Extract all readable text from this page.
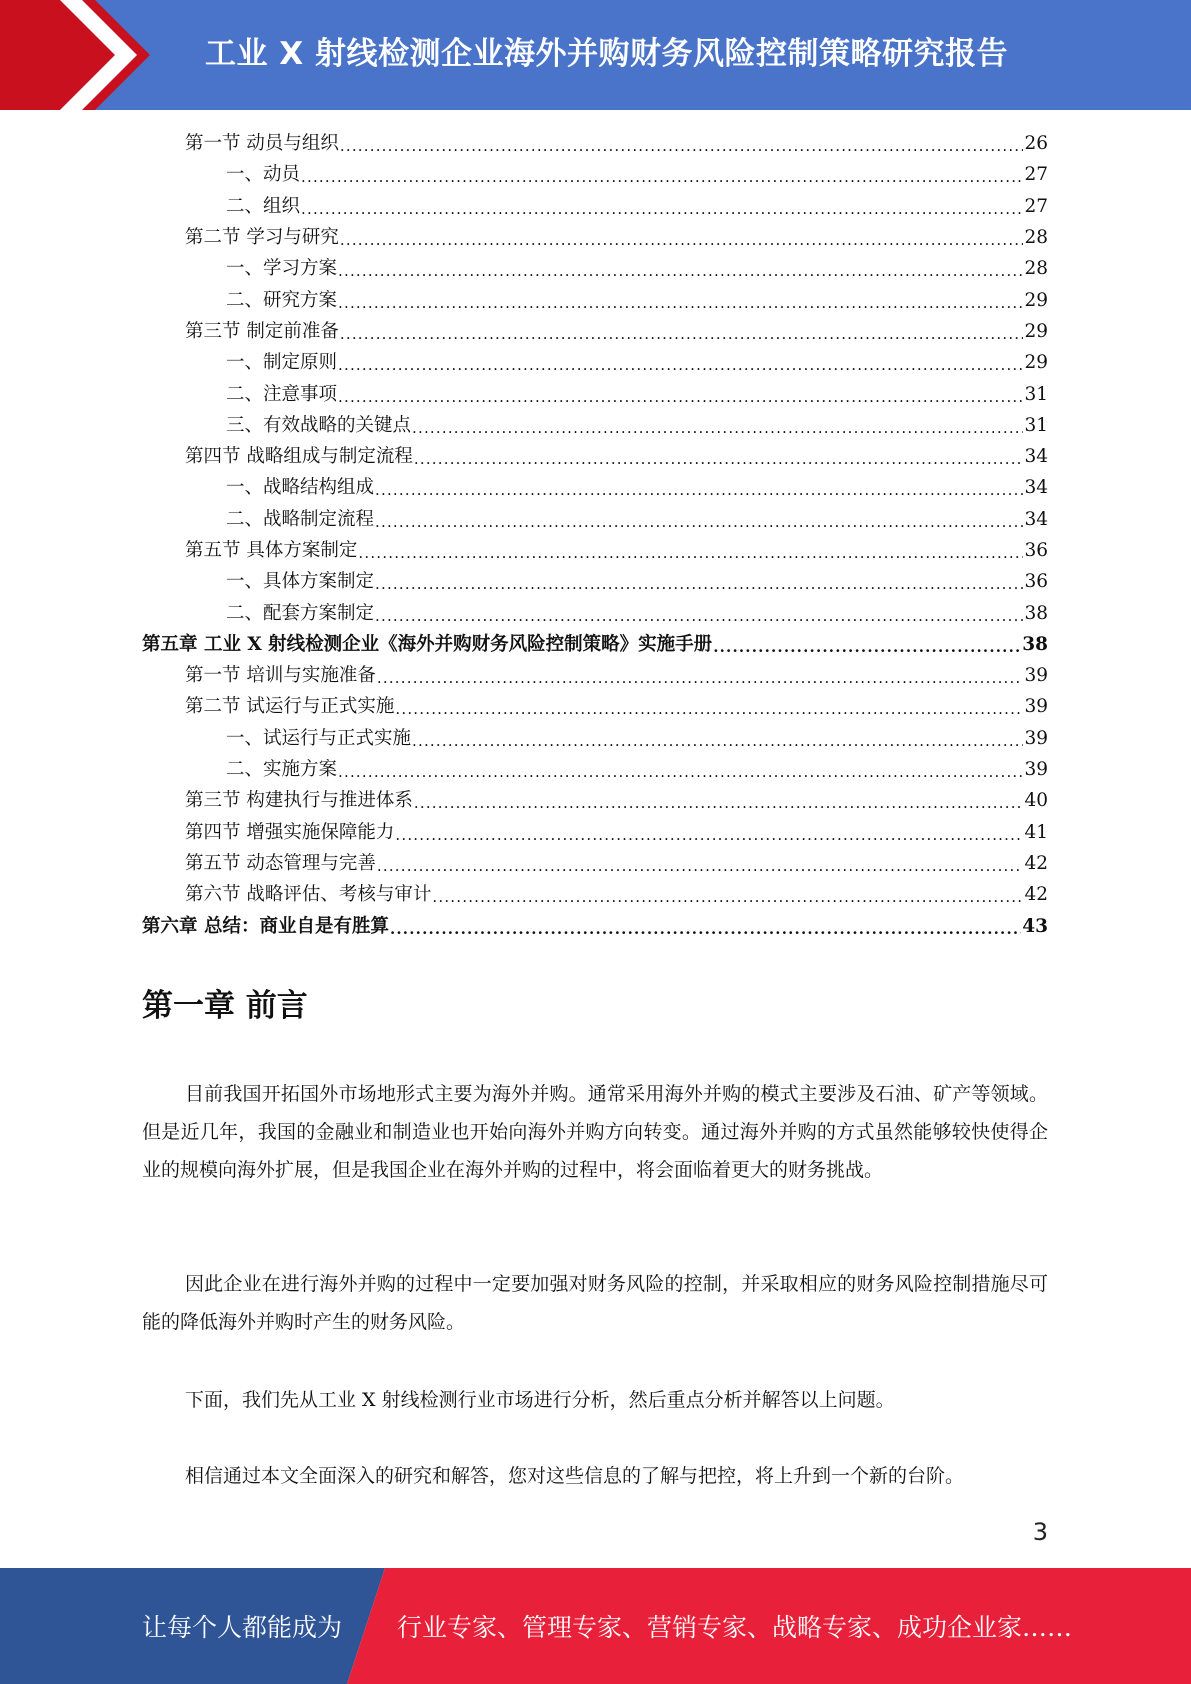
工业 X 射线检测企业海外并购财务风险控制策略研究报告
第一节 动员与组织 .....	26
一、动员 .....	27
二、组织 .....	27
第二节 学习与研究 .....	28
一、学习方案 .....	28
二、研究方案 .....	29
第三节 制定前准备 .....	29
一、制定原则 .....	29
二、注意事项 .....	31
三、有效战略的关键点 .....	31
第四节 战略组成与制定流程 .....	34
一、战略结构组成 .....	34
二、战略制定流程 .....	34
第五节 具体方案制定 .....	36
一、具体方案制定 .....	36
二、配套方案制定 .....	38
第五章 工业 X 射线检测企业《海外并购财务风险控制策略》实施手册 .....	38
第一节 培训与实施准备 .....	39
第二节 试运行与正式实施 .....	39
一、试运行与正式实施 .....	39
二、实施方案 .....	39
第三节 构建执行与推进体系 .....	40
第四节 增强实施保障能力 .....	41
第五节 动态管理与完善 .....	42
第六节 战略评估、考核与审计 .....	42
第六章 总结：商业自是有胜算 .....	43
第一章 前言

目前我国开拓国外市场地形式主要为海外并购。通常采用海外并购的模式主要涉及石油、矿产等领域。但是近几年，我国的金融业和制造业也开始向海外并购方向转变。通过海外并购的方式虽然能够较快使得企业的规模向海外扩展，但是我国企业在海外并购的过程中，将会面临着更大的财务挑战。

因此企业在进行海外并购的过程中一定要加强对财务风险的控制，并采取相应的财务风险控制措施尽可能的降低海外并购时产生的财务风险。

下面，我们先从工业 X 射线检测行业市场进行分析，然后重点分析并解答以上问题。

相信通过本文全面深入的研究和解答，您对这些信息的了解与把控，将上升到一个新的台阶。

3
让每个人都能成为 行业专家、管理专家、营销专家、战略专家、成功企业家……
